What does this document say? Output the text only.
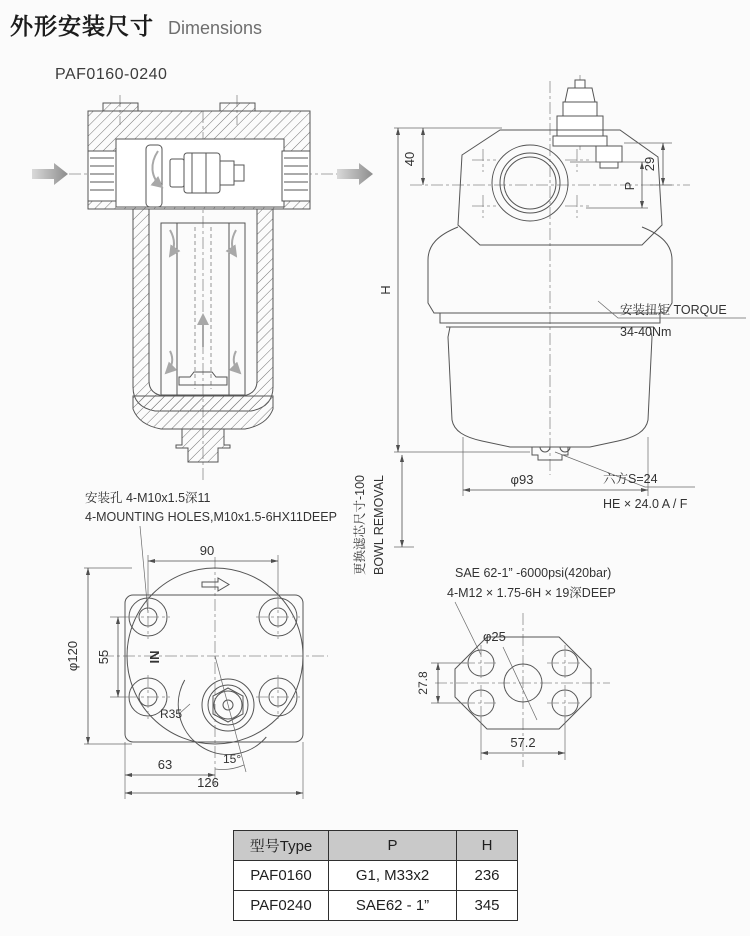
外形安装尺寸 Dimensions
PAF0160-0240
H
40	29
P
安装扭矩 TORQUE
34-40Nm
φ93	六方S=24
HE × 24.0 A / F
更换滤芯尺寸-100 BOWL REMOVAL
安装孔 4-M10x1.5深11
4-MOUNTING HOLES,M10x1.5-6HX11DEEP
IN
R35
90
φ120 55
15°
63
126
SAE 62-1” -6000psi(420bar)
4-M12 × 1.75-6H × 19深DEEP
φ25
27.8
57.2
型号Type	P	H
PAF0160	G1, M33x2	236
PAF0240	SAE62 - 1”	345
